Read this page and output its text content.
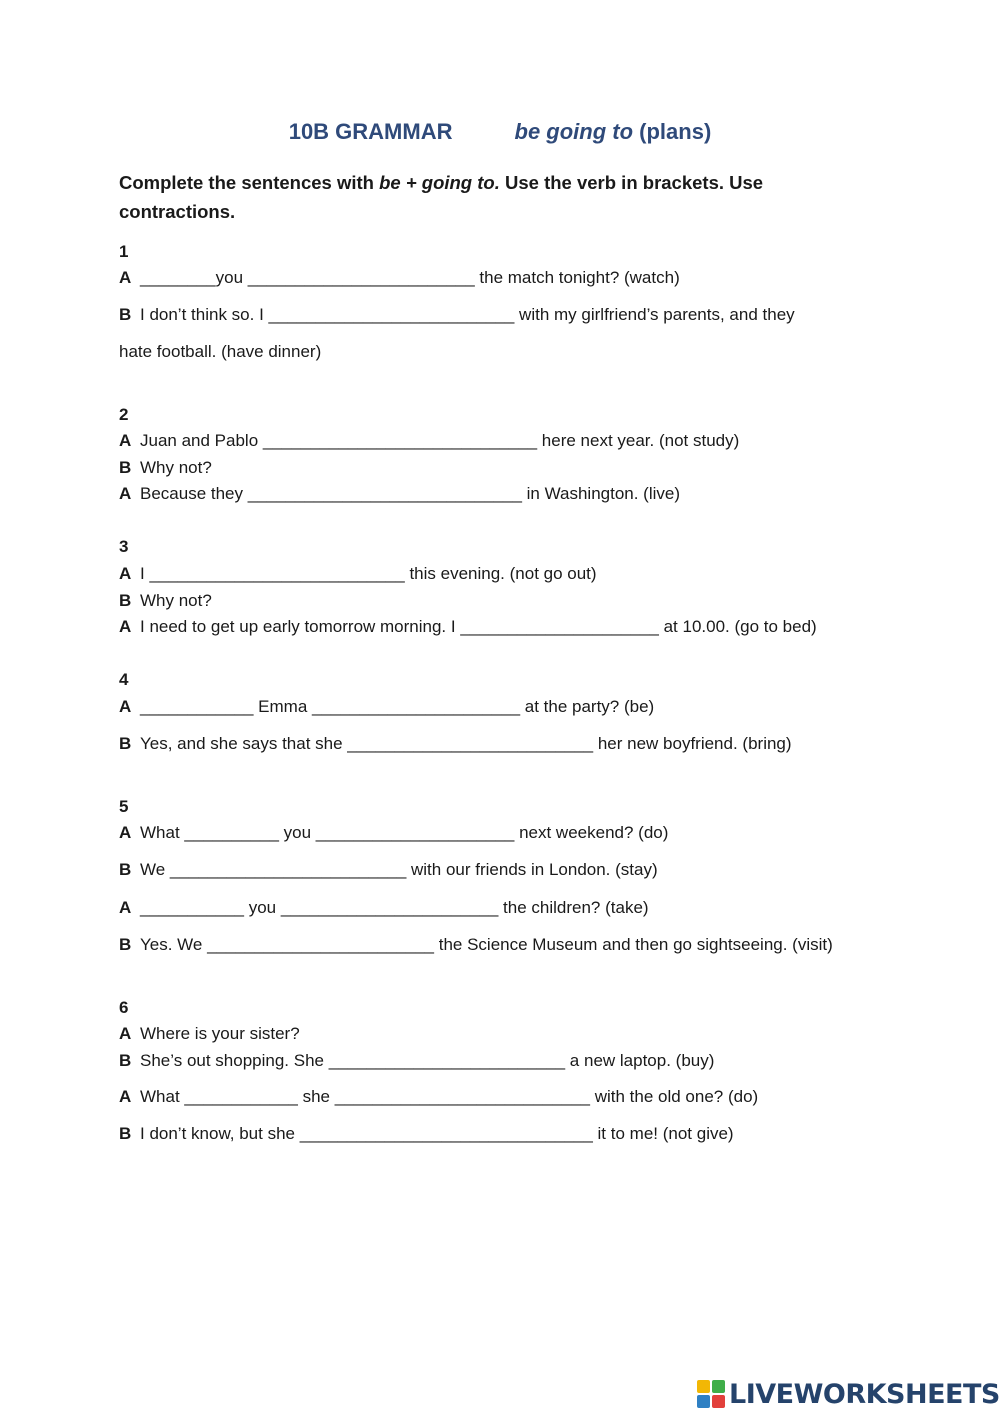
10B GRAMMAR	be going to (plans)
Complete the sentences with be + going to. Use the verb in brackets. Use contractions.
1
A ________you ________________________ the match tonight? (watch)
B I don’t think so. I __________________________ with my girlfriend’s parents, and they
hate football. (have dinner)
2
A Juan and Pablo _____________________________ here next year. (not study)
B Why not?
A Because they _____________________________ in Washington. (live)
3
A I ___________________________ this evening. (not go out)
B Why not?
A I need to get up early tomorrow morning. I _____________________ at 10.00. (go to bed)
4
A ____________ Emma ______________________ at the party? (be)
B Yes, and she says that she __________________________ her new boyfriend. (bring)
5
A What __________ you _____________________ next weekend? (do)
B We _________________________ with our friends in London. (stay)
A ___________ you _______________________ the children? (take)
B Yes. We ________________________ the Science Museum and then go sightseeing. (visit)
6
A Where is your sister?
B She’s out shopping. She _________________________ a new laptop. (buy)
A What ____________ she ___________________________ with the old one? (do)
B I don’t know, but she _______________________________ it to me! (not give)
LIVEWORKSHEETS
